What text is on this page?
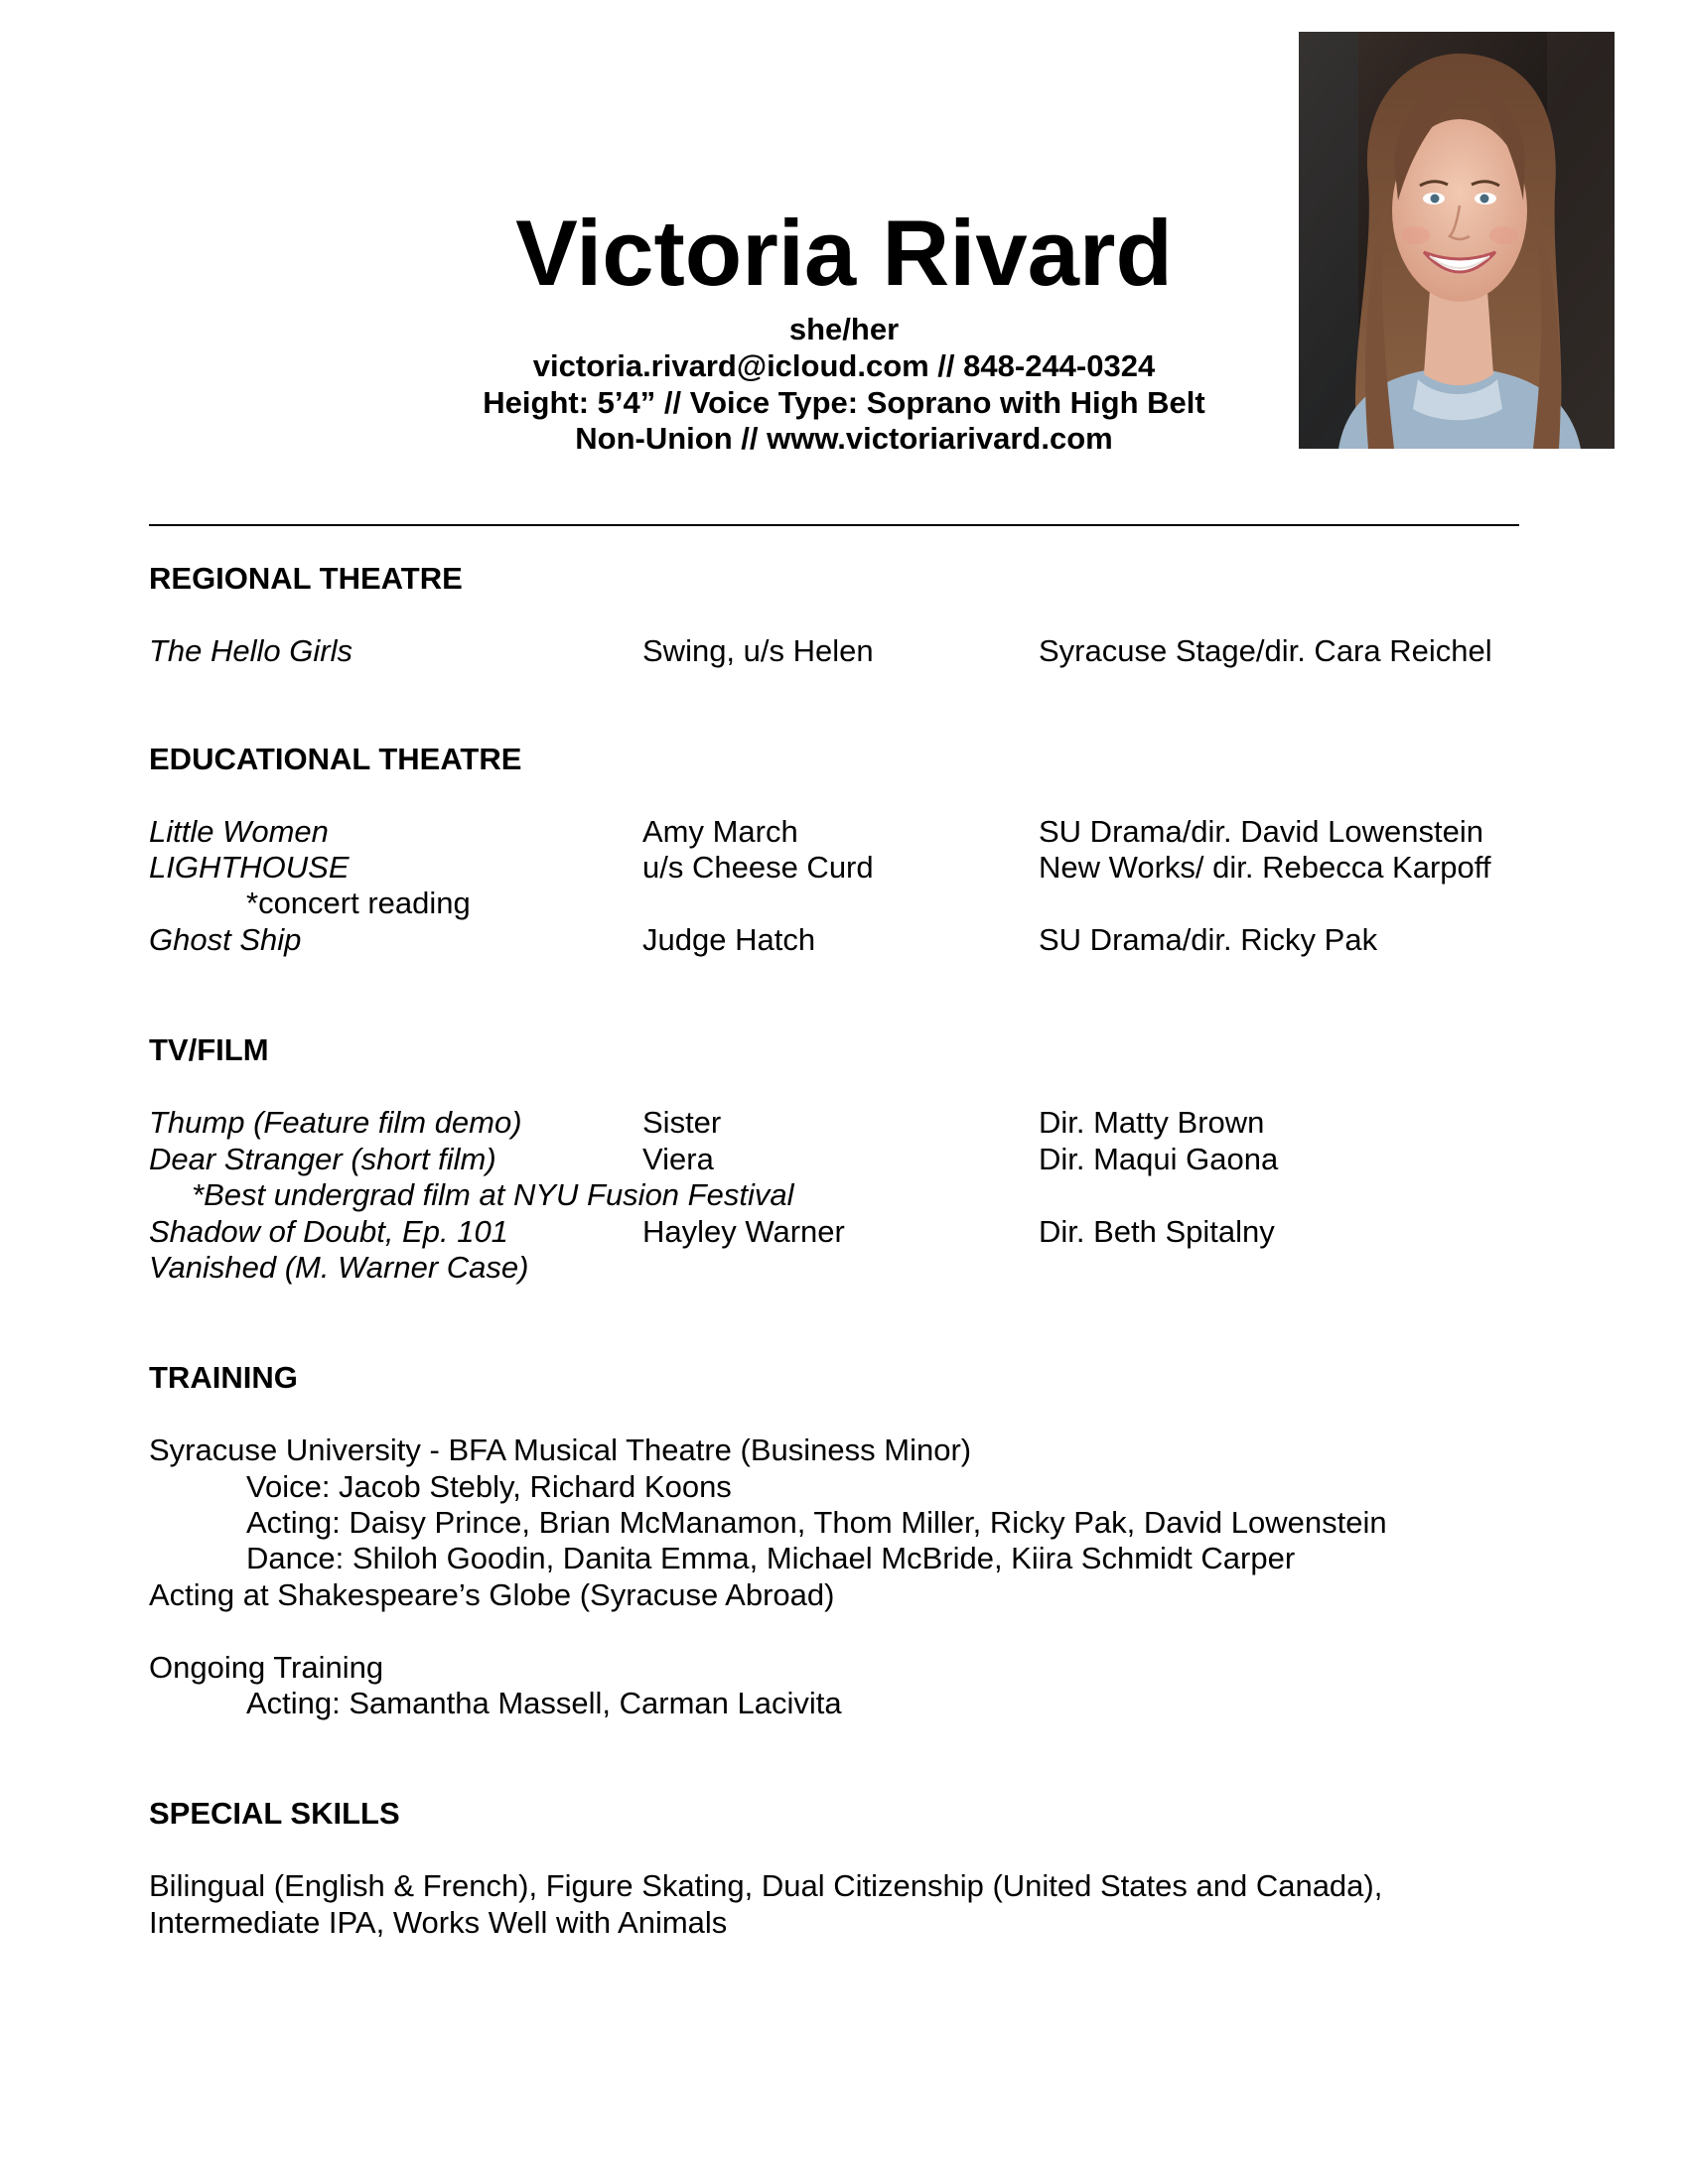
Victoria Rivard
she/her
victoria.rivard@icloud.com // 848-244-0324
Height: 5’4” // Voice Type: Soprano with High Belt
Non-Union // www.victoriarivard.com
REGIONAL THEATRE
The Hello Girls	Swing, u/s Helen	Syracuse Stage/dir. Cara Reichel
EDUCATIONAL THEATRE
Little Women	Amy March	SU Drama/dir. David Lowenstein
LIGHTHOUSE	u/s Cheese Curd	New Works/ dir. Rebecca Karpoff
*concert reading
Ghost Ship	Judge Hatch	SU Drama/dir. Ricky Pak
TV/FILM
Thump (Feature film demo)	Sister	Dir. Matty Brown
Dear Stranger (short film)	Viera	Dir. Maqui Gaona
*Best undergrad film at NYU Fusion Festival
Shadow of Doubt, Ep. 101	Hayley Warner	Dir. Beth Spitalny
Vanished (M. Warner Case)
TRAINING
Syracuse University - BFA Musical Theatre (Business Minor)
Voice: Jacob Stebly, Richard Koons
Acting: Daisy Prince, Brian McManamon, Thom Miller, Ricky Pak, David Lowenstein
Dance: Shiloh Goodin, Danita Emma, Michael McBride, Kiira Schmidt Carper
Acting at Shakespeare’s Globe (Syracuse Abroad)
Ongoing Training
Acting: Samantha Massell, Carman Lacivita
SPECIAL SKILLS
Bilingual (English & French), Figure Skating, Dual Citizenship (United States and Canada),
Intermediate IPA, Works Well with Animals
